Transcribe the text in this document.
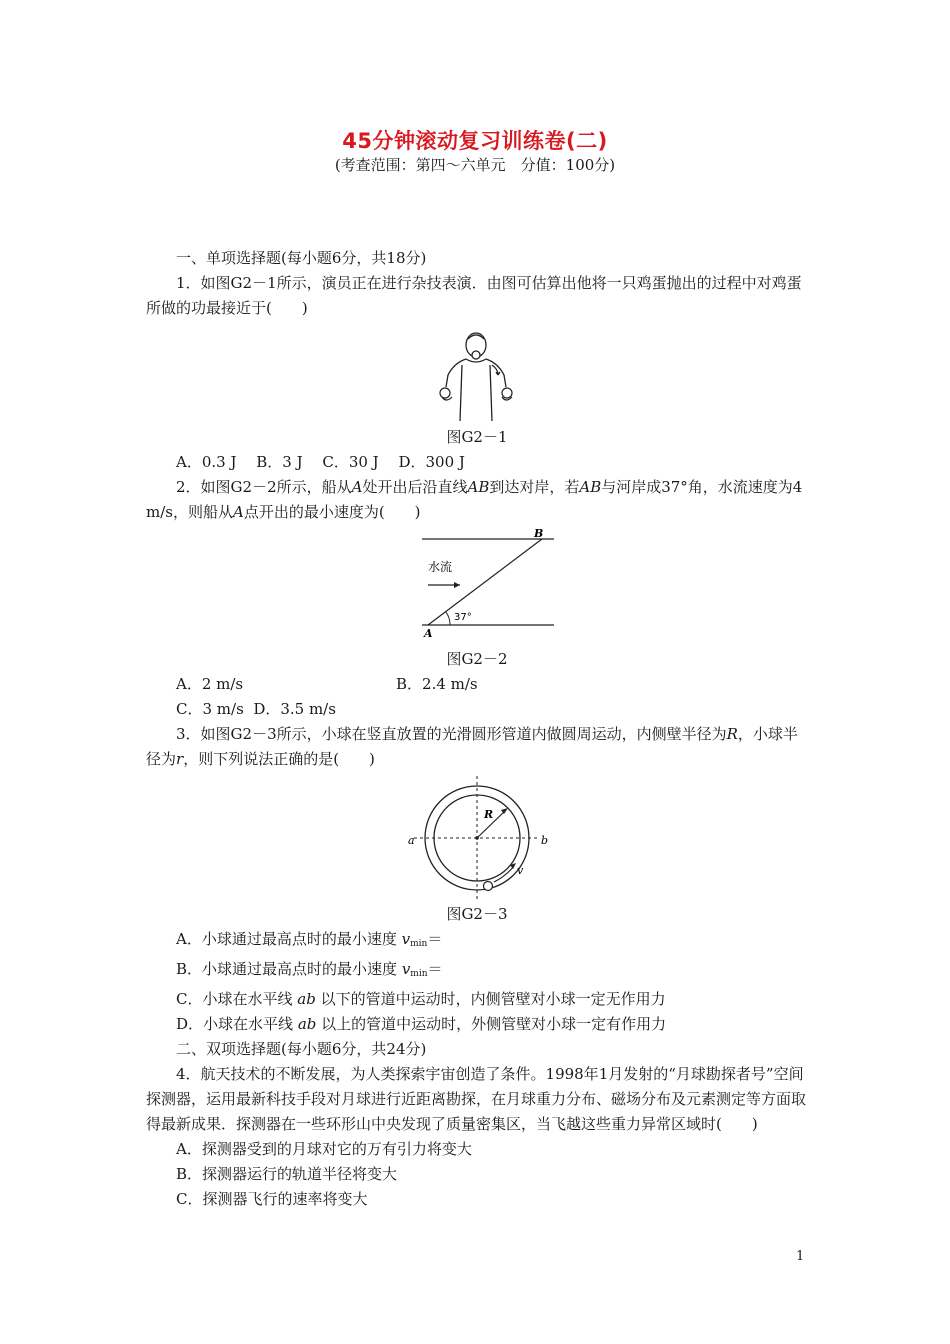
45分钟滚动复习训练卷(二)
(考查范围：第四～六单元　分值：100分)

一、单项选择题(每小题6分，共18分)

1．如图G2－1所示，演员正在进行杂技表演．由图可估算出他将一只鸡蛋抛出的过程中对鸡蛋所做的功最接近于(　　)

图G2－1

A．0.3 J　 B．3 J　 C．30 J　 D．300 J

2．如图G2－2所示，船从A处开出后沿直线AB到达对岸，若AB与河岸成37°角，水流速度为4 m/s，则船从A点开出的最小速度为(　　)

水流
37°
A
B

图G2－2

A．2 m/s	B．2.4 m/s

C．3 m/s D．3.5 m/s

3．如图G2－3所示，小球在竖直放置的光滑圆形管道内做圆周运动，内侧壁半径为R，小球半径为r，则下列说法正确的是(　　)

R
a	b
v

图G2－3

A．小球通过最高点时的最小速度 $v_{min}=$

B．小球通过最高点时的最小速度 $v_{min}=$

C．小球在水平线 ab 以下的管道中运动时，内侧管壁对小球一定无作用力

D．小球在水平线 ab 以上的管道中运动时，外侧管壁对小球一定有作用力

二、双项选择题(每小题6分，共24分)

4．航天技术的不断发展，为人类探索宇宙创造了条件。1998年1月发射的“月球勘探者号”空间探测器，运用最新科技手段对月球进行近距离勘探，在月球重力分布、磁场分布及元素测定等方面取得最新成果．探测器在一些环形山中央发现了质量密集区，当飞越这些重力异常区域时(　　)

A．探测器受到的月球对它的万有引力将变大

B．探测器运行的轨道半径将变大

C．探测器飞行的速率将变大

1
